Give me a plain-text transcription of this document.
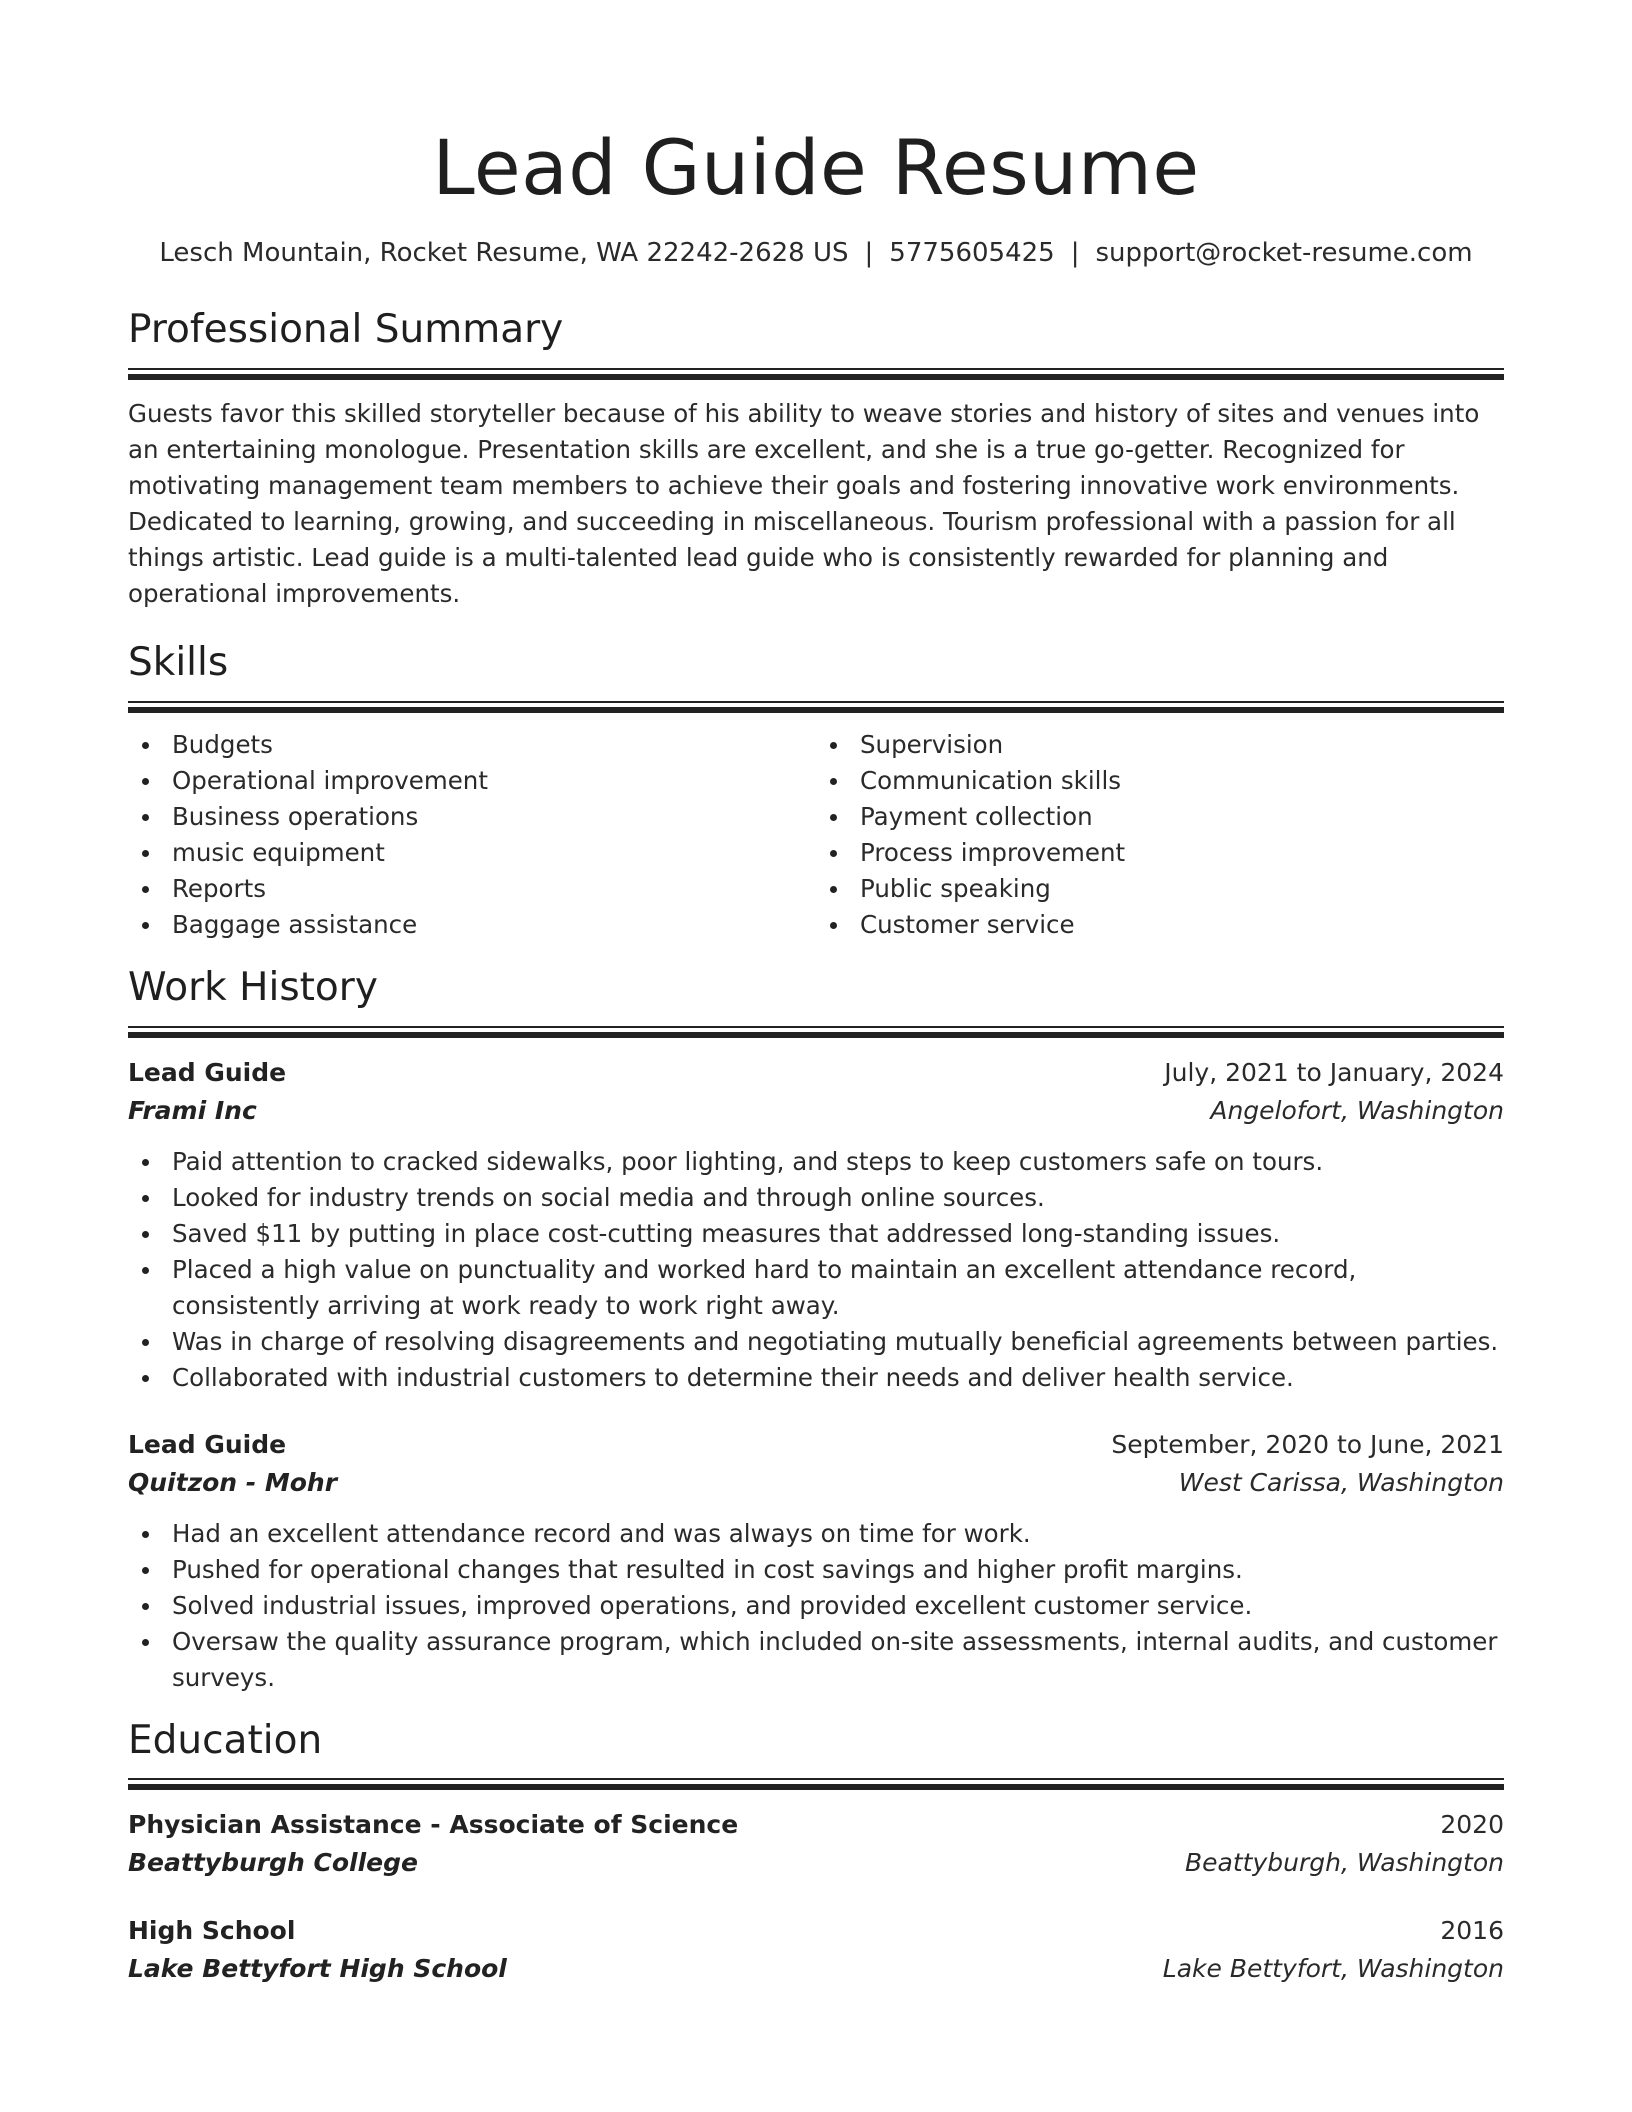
Lead Guide Resume
Lesch Mountain, Rocket Resume, WA 22242-2628 US | 5775605425 | support@rocket-resume.com
Professional Summary

Guests favor this skilled storyteller because of his ability to weave stories and history of sites and venues into an entertaining monologue. Presentation skills are excellent, and she is a true go-getter. Recognized for motivating management team members to achieve their goals and fostering innovative work environments. Dedicated to learning, growing, and succeeding in miscellaneous. Tourism professional with a passion for all things artistic. Lead guide is a multi-talented lead guide who is consistently rewarded for planning and operational improvements.

Skills
Budgets
Operational improvement
Business operations
music equipment
Reports
Baggage assistance
Supervision
Communication skills
Payment collection
Process improvement
Public speaking
Customer service
Work History
Lead Guide	July, 2021 to January, 2024
Frami Inc	Angelofort, Washington
Paid attention to cracked sidewalks, poor lighting, and steps to keep customers safe on tours.
Looked for industry trends on social media and through online sources.
Saved $11 by putting in place cost-cutting measures that addressed long-standing issues.
Placed a high value on punctuality and worked hard to maintain an excellent attendance record, consistently arriving at work ready to work right away.
Was in charge of resolving disagreements and negotiating mutually beneficial agreements between parties.
Collaborated with industrial customers to determine their needs and deliver health service.
Lead Guide	September, 2020 to June, 2021
Quitzon - Mohr	West Carissa, Washington
Had an excellent attendance record and was always on time for work.
Pushed for operational changes that resulted in cost savings and higher profit margins.
Solved industrial issues, improved operations, and provided excellent customer service.
Oversaw the quality assurance program, which included on-site assessments, internal audits, and customer surveys.
Education
Physician Assistance - Associate of Science	2020
Beattyburgh College	Beattyburgh, Washington
High School	2016
Lake Bettyfort High School	Lake Bettyfort, Washington
